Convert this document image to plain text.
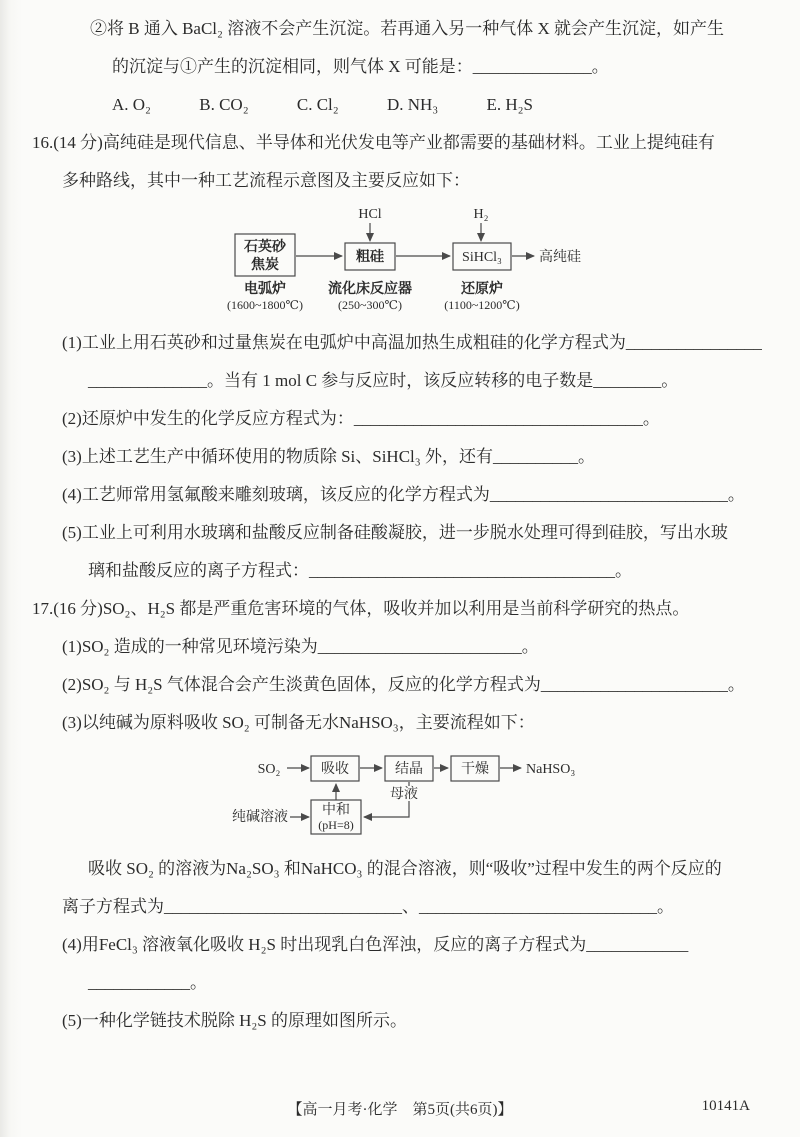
②将 B 通入 BaCl₂ 溶液不会产生沉淀。若再通入另一种气体 X 就会产生沉淀，如产生

的沉淀与①产生的沉淀相同，则气体 X 可能是：______________。

A. O₂	B. CO₂	C. Cl₂	D. NH₃	E. H₂S

16.(14 分)高纯硅是现代信息、半导体和光伏发电等产业都需要的基础材料。工业上提纯硅有

多种路线，其中一种工艺流程示意图及主要反应如下：

HCl	H₂
石英砂
焦炭
粗硅	SiHCl₃	高纯硅
电弧炉
(1600~1800℃)
流化床反应器
(250~300℃)
还原炉
(1100~1200℃)

(1)工业上用石英砂和过量焦炭在电弧炉中高温加热生成粗硅的化学方程式为________________

______________。当有 1 mol C 参与反应时，该反应转移的电子数是________。

(2)还原炉中发生的化学反应方程式为：__________________________________。

(3)上述工艺生产中循环使用的物质除 Si、SiHCl₃ 外，还有__________。

(4)工艺师常用氢氟酸来雕刻玻璃，该反应的化学方程式为____________________________。

(5)工业上可利用水玻璃和盐酸反应制备硅酸凝胶，进一步脱水处理可得到硅胶，写出水玻

璃和盐酸反应的离子方程式：____________________________________。

17.(16 分)SO₂、H₂S 都是严重危害环境的气体，吸收并加以利用是当前科学研究的热点。

(1)SO₂ 造成的一种常见环境污染为________________________。

(2)SO₂ 与 H₂S 气体混合会产生淡黄色固体，反应的化学方程式为______________________。

(3)以纯碱为原料吸收 SO₂ 可制备无水NaHSO₃，主要流程如下：

SO₂	吸收	结晶	干燥	NaHSO₃
中和
(pH=8)
纯碱溶液
母液

吸收 SO₂ 的溶液为Na₂SO₃ 和NaHCO₃ 的混合溶液，则“吸收”过程中发生的两个反应的

离子方程式为____________________________、____________________________。

(4)用FeCl₃ 溶液氧化吸收 H₂S 时出现乳白色浑浊，反应的离子方程式为____________

____________。

(5)一种化学链技术脱除 H₂S 的原理如图所示。

【高一月考·化学　第5页(共6页)】	10141A
